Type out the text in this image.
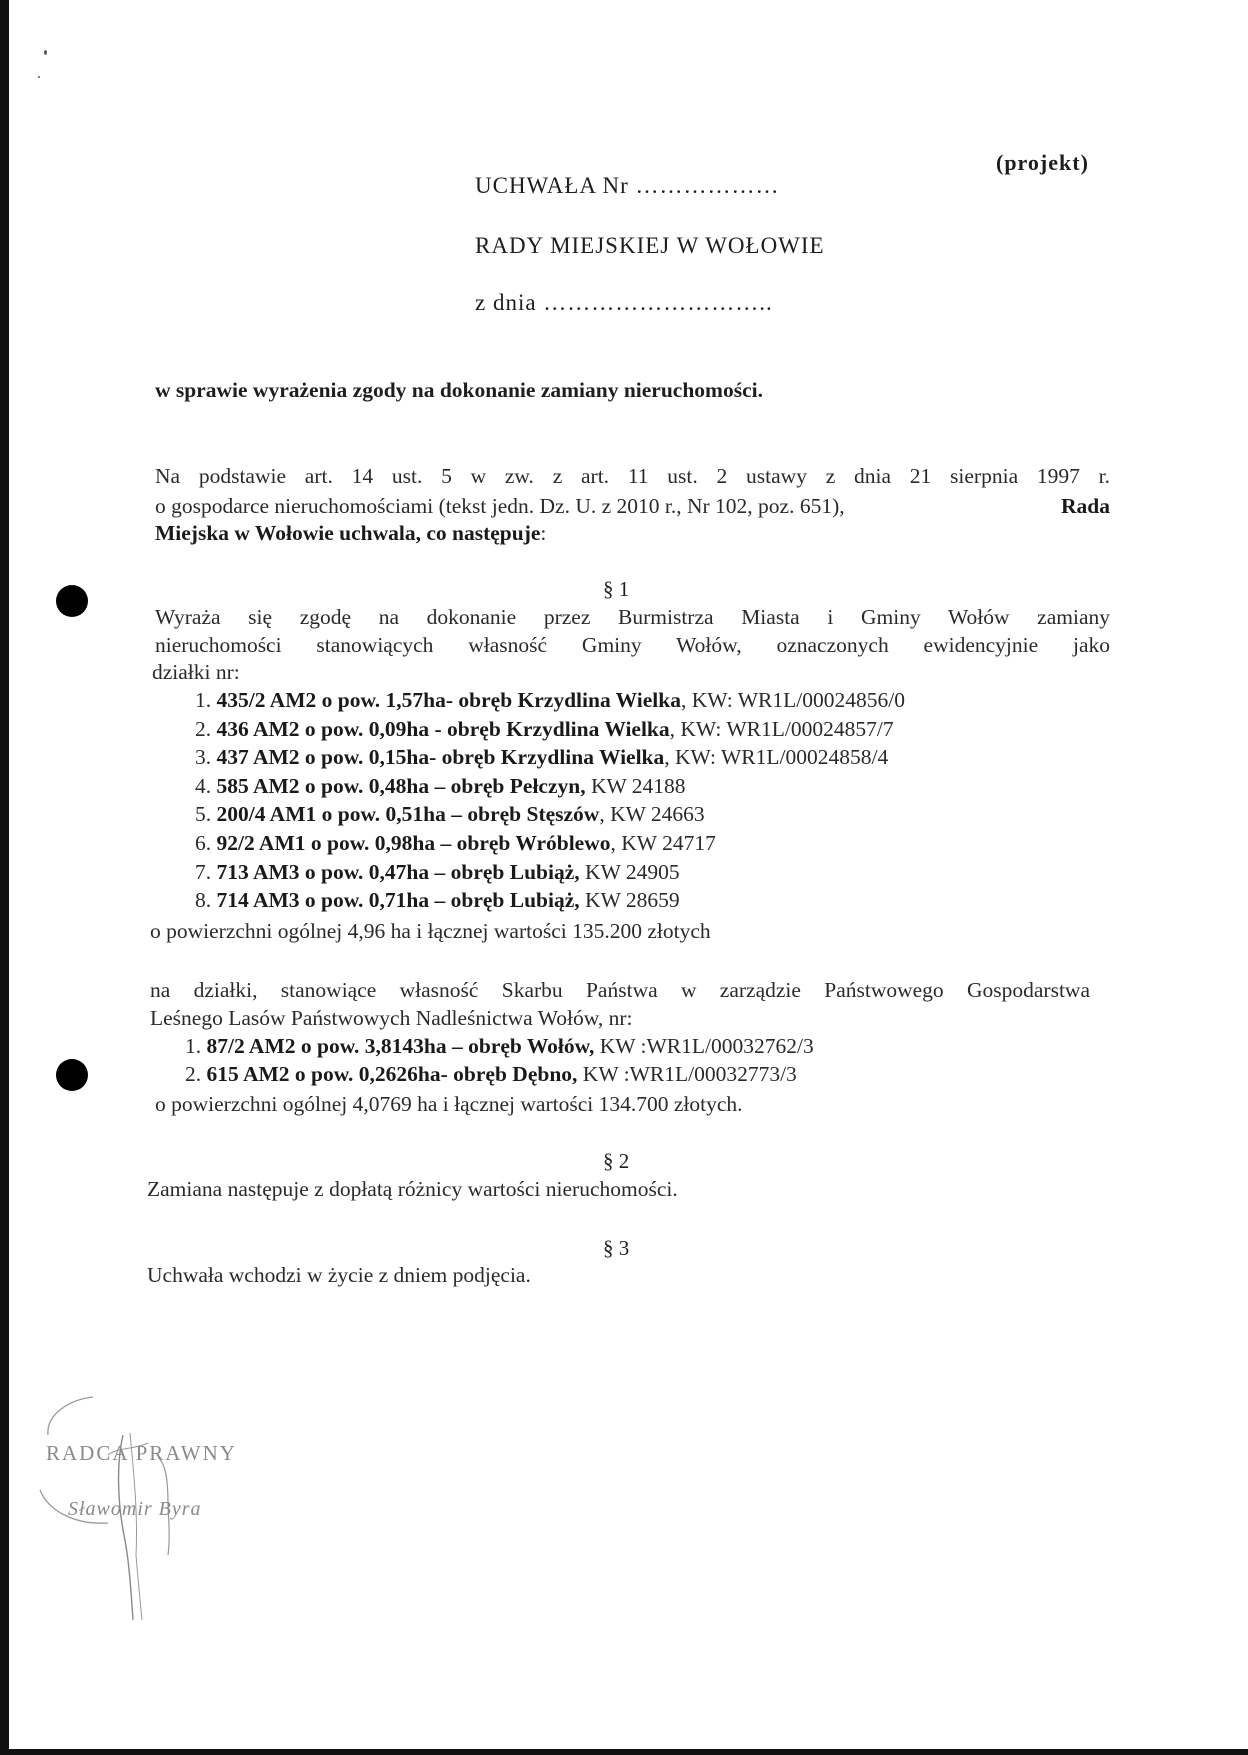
(projekt)
UCHWAŁA Nr ………………
RADY MIEJSKIEJ W WOŁOWIE
z dnia ………………………..
w sprawie wyrażenia zgody na dokonanie zamiany nieruchomości.
Na podstawie art. 14 ust. 5 w zw. z art. 11 ust. 2 ustawy z dnia 21 sierpnia 1997 r.
o gospodarce nieruchomościami (tekst jedn. Dz. U. z 2010 r., Nr 102, poz. 651),	Rada
Miejska w Wołowie uchwala, co następuje:
§ 1
Wyraża się zgodę na dokonanie przez Burmistrza Miasta i Gminy Wołów zamiany
nieruchomości stanowiących własność Gminy Wołów, oznaczonych ewidencyjnie jako
działki nr:
1. 435/2 AM2 o pow. 1,57ha- obręb Krzydlina Wielka, KW: WR1L/00024856/0
2. 436 AM2 o pow. 0,09ha - obręb Krzydlina Wielka, KW: WR1L/00024857/7
3. 437 AM2 o pow. 0,15ha- obręb Krzydlina Wielka, KW: WR1L/00024858/4
4. 585 AM2 o pow. 0,48ha – obręb Pełczyn, KW 24188
5. 200/4 AM1 o pow. 0,51ha – obręb Stęszów, KW 24663
6. 92/2 AM1 o pow. 0,98ha – obręb Wróblewo, KW 24717
7. 713 AM3 o pow. 0,47ha – obręb Lubiąż, KW 24905
8. 714 AM3 o pow. 0,71ha – obręb Lubiąż, KW 28659
o powierzchni ogólnej 4,96 ha i łącznej wartości 135.200 złotych
na działki, stanowiące własność Skarbu Państwa w zarządzie Państwowego Gospodarstwa
Leśnego Lasów Państwowych Nadleśnictwa Wołów, nr:
1. 87/2 AM2 o pow. 3,8143ha – obręb Wołów, KW :WR1L/00032762/3
2. 615 AM2 o pow. 0,2626ha- obręb Dębno, KW :WR1L/00032773/3
o powierzchni ogólnej 4,0769 ha i łącznej wartości 134.700 złotych.
§ 2
Zamiana następuje z dopłatą różnicy wartości nieruchomości.
§ 3
Uchwała wchodzi w życie z dniem podjęcia.
RADCA PRAWNY
Sławomir Byra
